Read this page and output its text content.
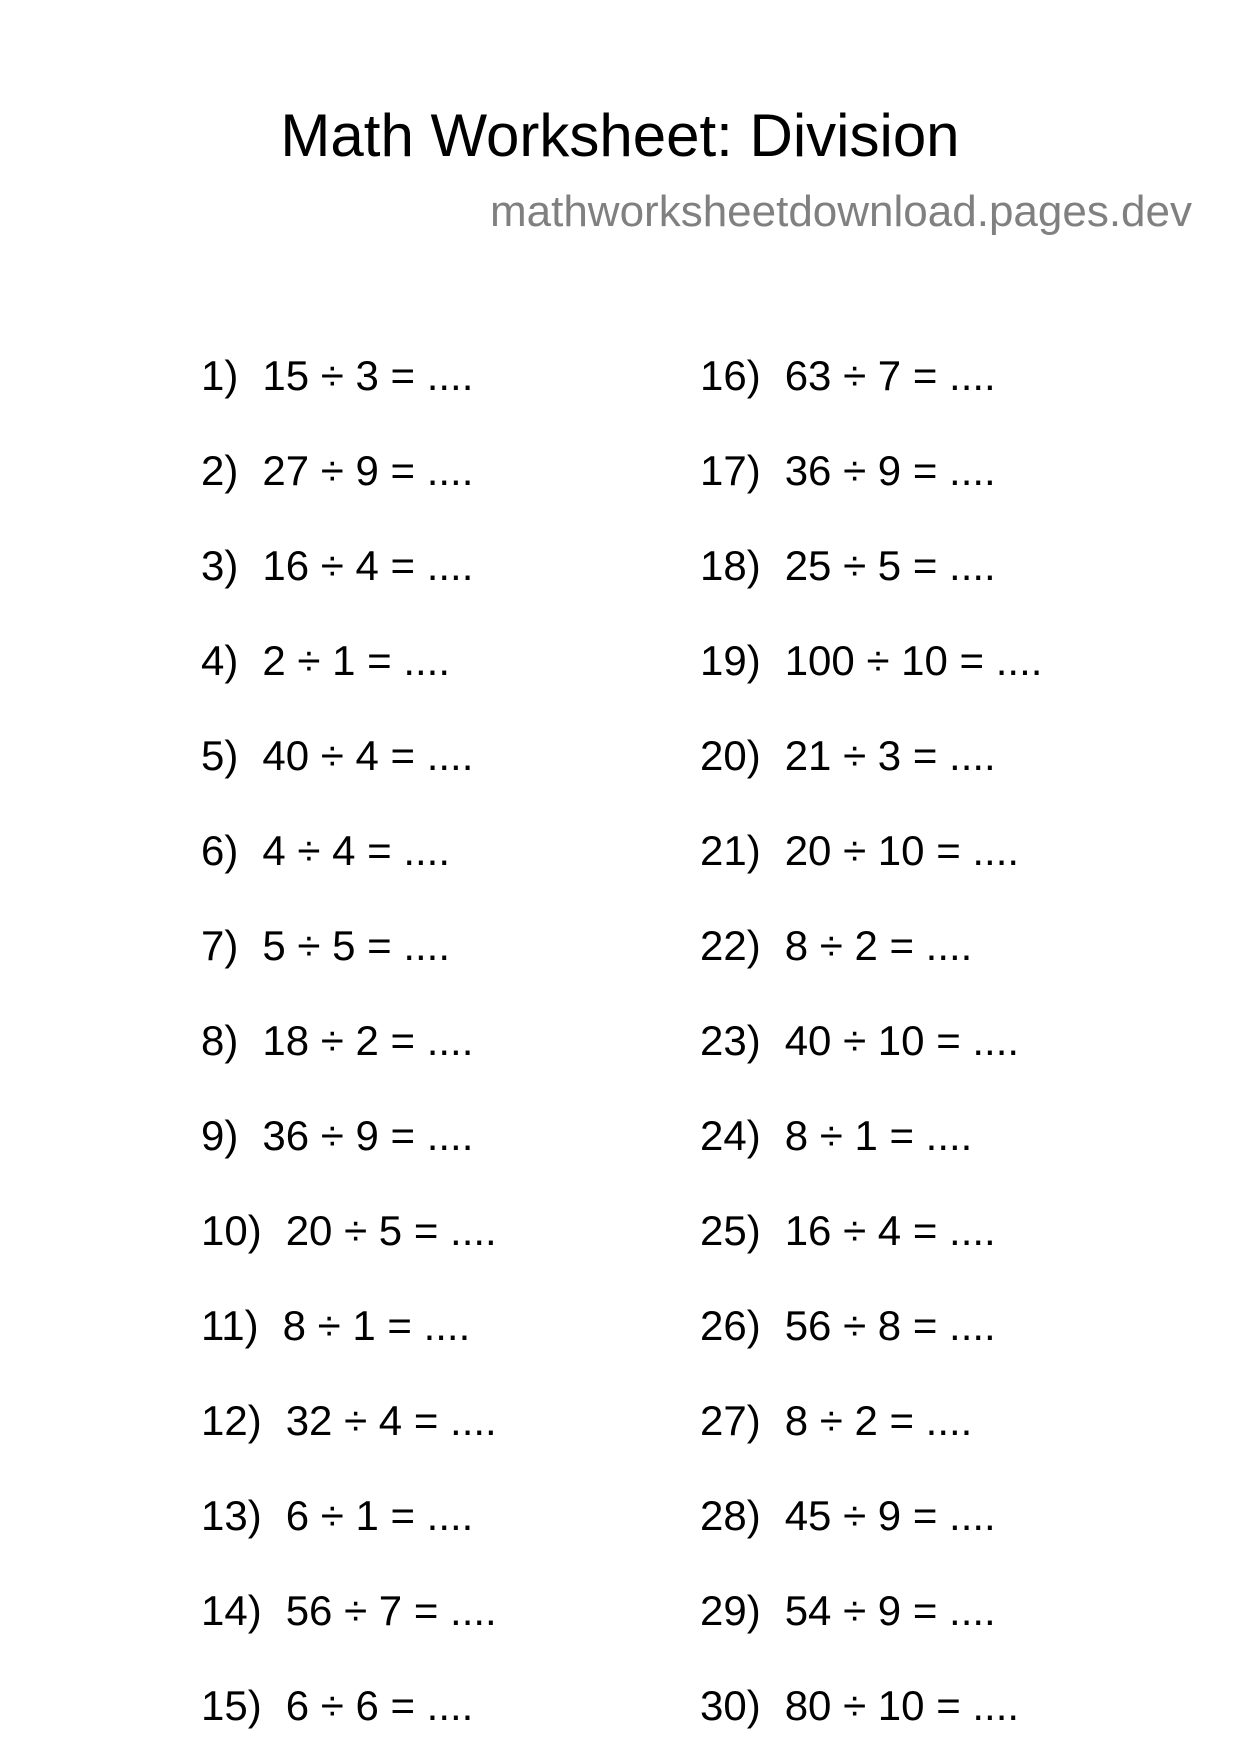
Math Worksheet: Division
mathworksheetdownload.pages.dev
1) 15 ÷ 3 = ....
2) 27 ÷ 9 = ....
3) 16 ÷ 4 = ....
4) 2 ÷ 1 = ....
5) 40 ÷ 4 = ....
6) 4 ÷ 4 = ....
7) 5 ÷ 5 = ....
8) 18 ÷ 2 = ....
9) 36 ÷ 9 = ....
10) 20 ÷ 5 = ....
11) 8 ÷ 1 = ....
12) 32 ÷ 4 = ....
13) 6 ÷ 1 = ....
14) 56 ÷ 7 = ....
15) 6 ÷ 6 = ....
16) 63 ÷ 7 = ....
17) 36 ÷ 9 = ....
18) 25 ÷ 5 = ....
19) 100 ÷ 10 = ....
20) 21 ÷ 3 = ....
21) 20 ÷ 10 = ....
22) 8 ÷ 2 = ....
23) 40 ÷ 10 = ....
24) 8 ÷ 1 = ....
25) 16 ÷ 4 = ....
26) 56 ÷ 8 = ....
27) 8 ÷ 2 = ....
28) 45 ÷ 9 = ....
29) 54 ÷ 9 = ....
30) 80 ÷ 10 = ....
